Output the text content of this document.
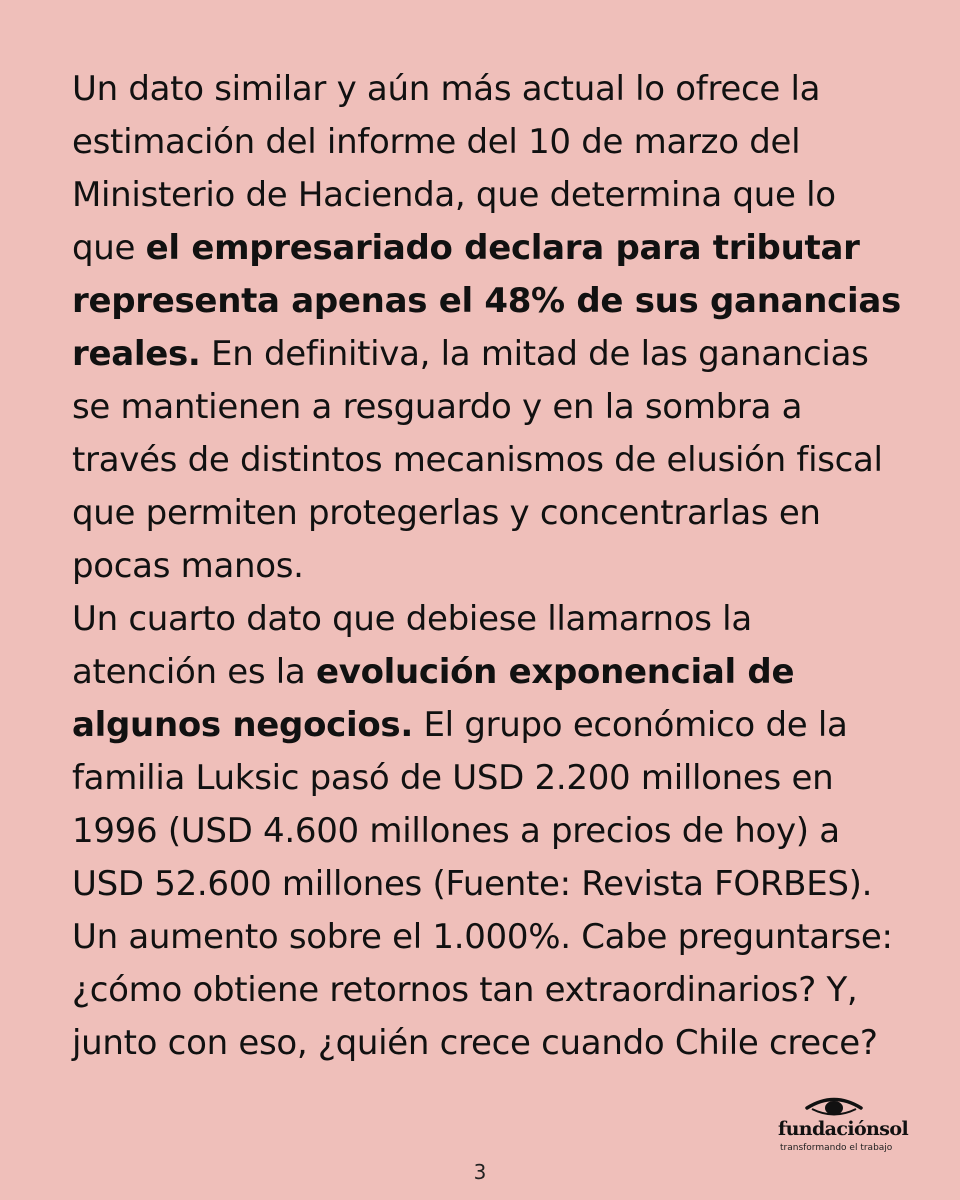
Un dato similar y aún más actual lo ofrece la estimación del informe del 10 de marzo del Ministerio de Hacienda, que determina que lo que el empresariado declara para tributar representa apenas el 48% de sus ganancias reales. En definitiva, la mitad de las ganancias se mantienen a resguardo y en la sombra a través de distintos mecanismos de elusión fiscal que permiten protegerlas y concentrarlas en pocas manos.

Un cuarto dato que debiese llamarnos la atención es la evolución exponencial de algunos negocios. El grupo económico de la familia Luksic pasó de USD 2.200 millones en 1996 (USD 4.600 millones a precios de hoy) a USD 52.600 millones (Fuente: Revista FORBES). Un aumento sobre el 1.000%. Cabe preguntarse: ¿cómo obtiene retornos tan extraordinarios? Y, junto con eso, ¿quién crece cuando Chile crece?

fundaciónsol
transformando el trabajo
3
